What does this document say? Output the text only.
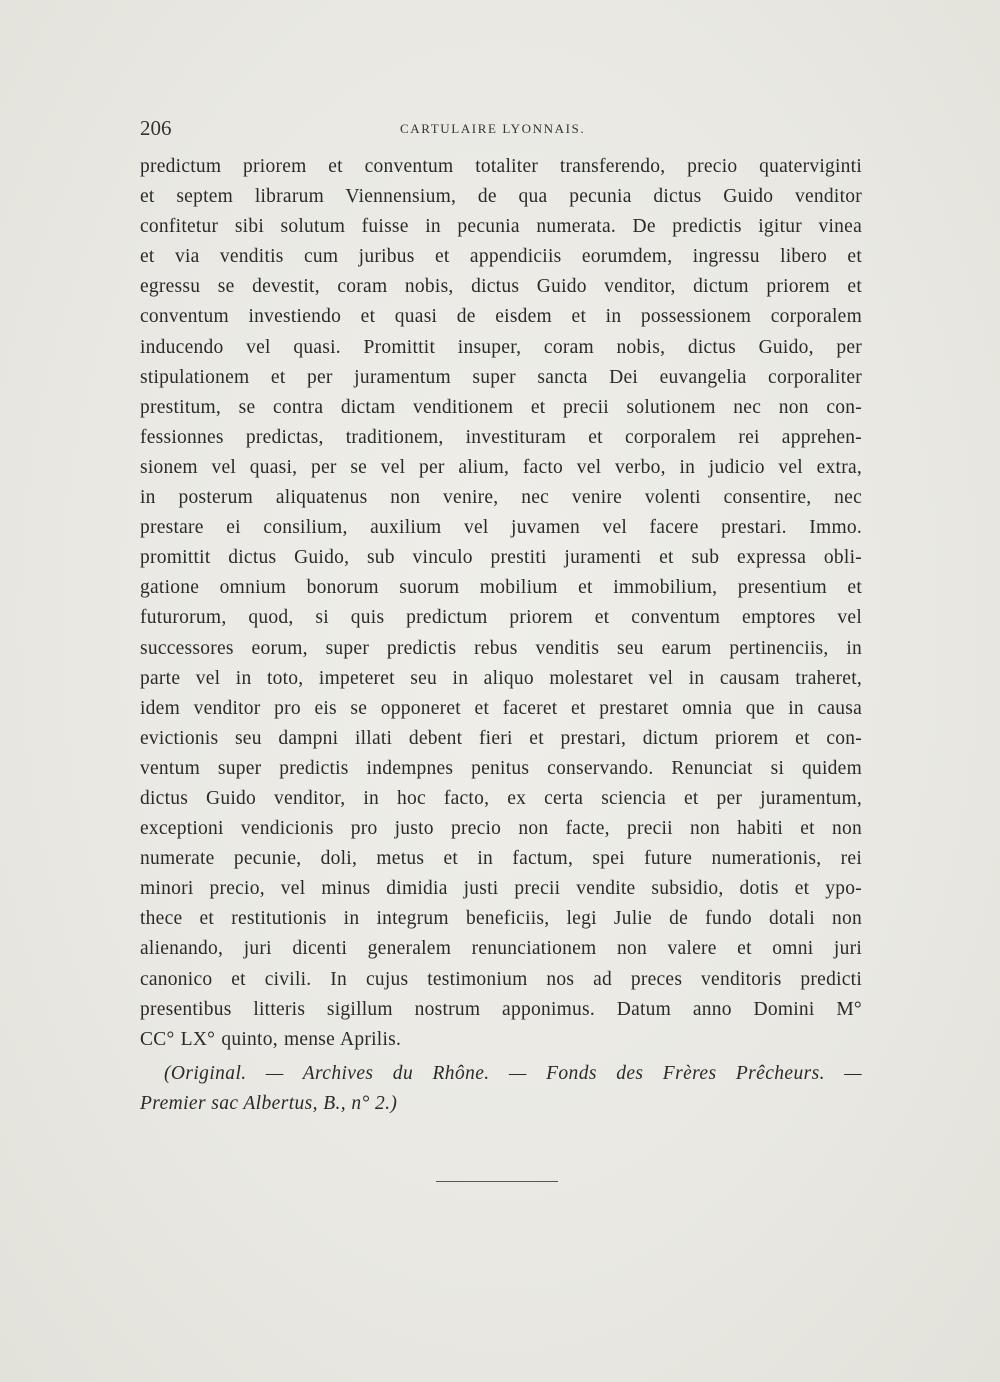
206	CARTULAIRE LYONNAIS.
predictum priorem et conventum totaliter transferendo, precio quaterviginti
et septem librarum Viennensium, de qua pecunia dictus Guido venditor
confitetur sibi solutum fuisse in pecunia numerata. De predictis igitur vinea
et via venditis cum juribus et appendiciis eorumdem, ingressu libero et
egressu se devestit, coram nobis, dictus Guido venditor, dictum priorem et
conventum investiendo et quasi de eisdem et in possessionem corporalem
inducendo vel quasi. Promittit insuper, coram nobis, dictus Guido, per
stipulationem et per juramentum super sancta Dei euvangelia corporaliter
prestitum, se contra dictam venditionem et precii solutionem nec non con-
fessionnes predictas, traditionem, investituram et corporalem rei apprehen-
sionem vel quasi, per se vel per alium, facto vel verbo, in judicio vel extra,
in posterum aliquatenus non venire, nec venire volenti consentire, nec
prestare ei consilium, auxilium vel juvamen vel facere prestari. Immo.
promittit dictus Guido, sub vinculo prestiti juramenti et sub expressa obli-
gatione omnium bonorum suorum mobilium et immobilium, presentium et
futurorum, quod, si quis predictum priorem et conventum emptores vel
successores eorum, super predictis rebus venditis seu earum pertinenciis, in
parte vel in toto, impeteret seu in aliquo molestaret vel in causam traheret,
idem venditor pro eis se opponeret et faceret et prestaret omnia que in causa
evictionis seu dampni illati debent fieri et prestari, dictum priorem et con-
ventum super predictis indempnes penitus conservando. Renunciat si quidem
dictus Guido venditor, in hoc facto, ex certa sciencia et per juramentum,
exceptioni vendicionis pro justo precio non facte, precii non habiti et non
numerate pecunie, doli, metus et in factum, spei future numerationis, rei
minori precio, vel minus dimidia justi precii vendite subsidio, dotis et ypo-
thece et restitutionis in integrum beneficiis, legi Julie de fundo dotali non
alienando, juri dicenti generalem renunciationem non valere et omni juri
canonico et civili. In cujus testimonium nos ad preces venditoris predicti
presentibus litteris sigillum nostrum apponimus. Datum anno Domini M°
CC° LX° quinto, mense Aprilis.
(Original. — Archives du Rhône. — Fonds des Frères Prêcheurs. —
Premier sac Albertus, B., n° 2.)
